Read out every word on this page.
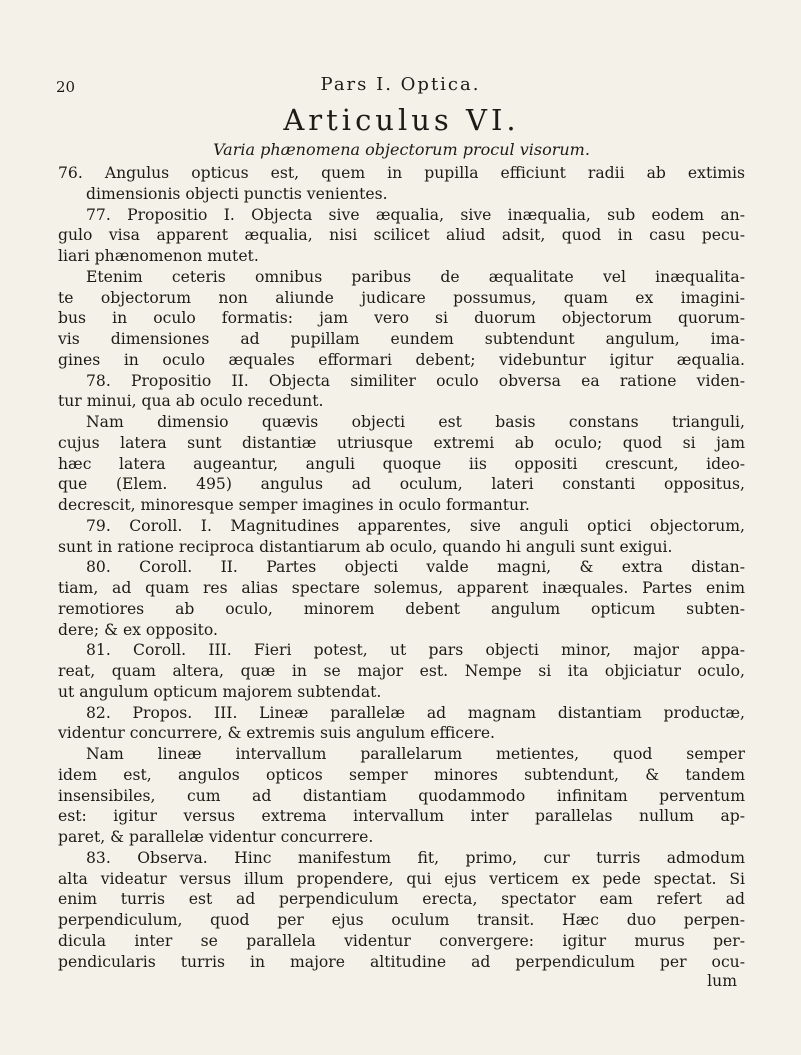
20	Pars I. Optica.
Articulus VI.
Varia phænomena objectorum procul visorum.
76. Angulus opticus est, quem in pupilla efficiunt radii ab extimis
dimensionis objecti punctis venientes.
77. Propositio I. Objecta sive æqualia, sive inæqualia, sub eodem an-
gulo visa apparent æqualia, nisi scilicet aliud adsit, quod in casu pecu-
liari phænomenon mutet.
Etenim ceteris omnibus paribus de æqualitate vel inæqualita-
te objectorum non aliunde judicare possumus, quam ex imagini-
bus in oculo formatis: jam vero si duorum objectorum quorum-
vis dimensiones ad pupillam eundem subtendunt angulum, ima-
gines in oculo æquales efformari debent; videbuntur igitur æqualia.
78. Propositio II. Objecta similiter oculo obversa ea ratione viden-
tur minui, qua ab oculo recedunt.
Nam dimensio quævis objecti est basis constans trianguli,
cujus latera sunt distantiæ utriusque extremi ab oculo; quod si jam
hæc latera augeantur, anguli quoque iis oppositi crescunt, ideo-
que (Elem. 495) angulus ad oculum, lateri constanti oppositus,
decrescit, minoresque semper imagines in oculo formantur.
79. Coroll. I. Magnitudines apparentes, sive anguli optici objectorum,
sunt in ratione reciproca distantiarum ab oculo, quando hi anguli sunt exigui.
80. Coroll. II. Partes objecti valde magni, & extra distan-
tiam, ad quam res alias spectare solemus, apparent inæquales. Partes enim
remotiores ab oculo, minorem debent angulum opticum subten-
dere; & ex opposito.
81. Coroll. III. Fieri potest, ut pars objecti minor, major appa-
reat, quam altera, quæ in se major est. Nempe si ita objiciatur oculo,
ut angulum opticum majorem subtendat.
82. Propos. III. Lineæ parallelæ ad magnam distantiam productæ,
videntur concurrere, & extremis suis angulum efficere.
Nam lineæ intervallum parallelarum metientes, quod semper
idem est, angulos opticos semper minores subtendunt, & tandem
insensibiles, cum ad distantiam quodammodo infinitam perventum
est: igitur versus extrema intervallum inter parallelas nullum ap-
paret, & parallelæ videntur concurrere.
83. Observa. Hinc manifestum fit, primo, cur turris admodum
alta videatur versus illum propendere, qui ejus verticem ex pede spectat. Si
enim turris est ad perpendiculum erecta, spectator eam refert ad
perpendiculum, quod per ejus oculum transit. Hæc duo perpen-
dicula inter se parallela videntur convergere: igitur murus per-
pendicularis turris in majore altitudine ad perpendiculum per ocu-
lum
